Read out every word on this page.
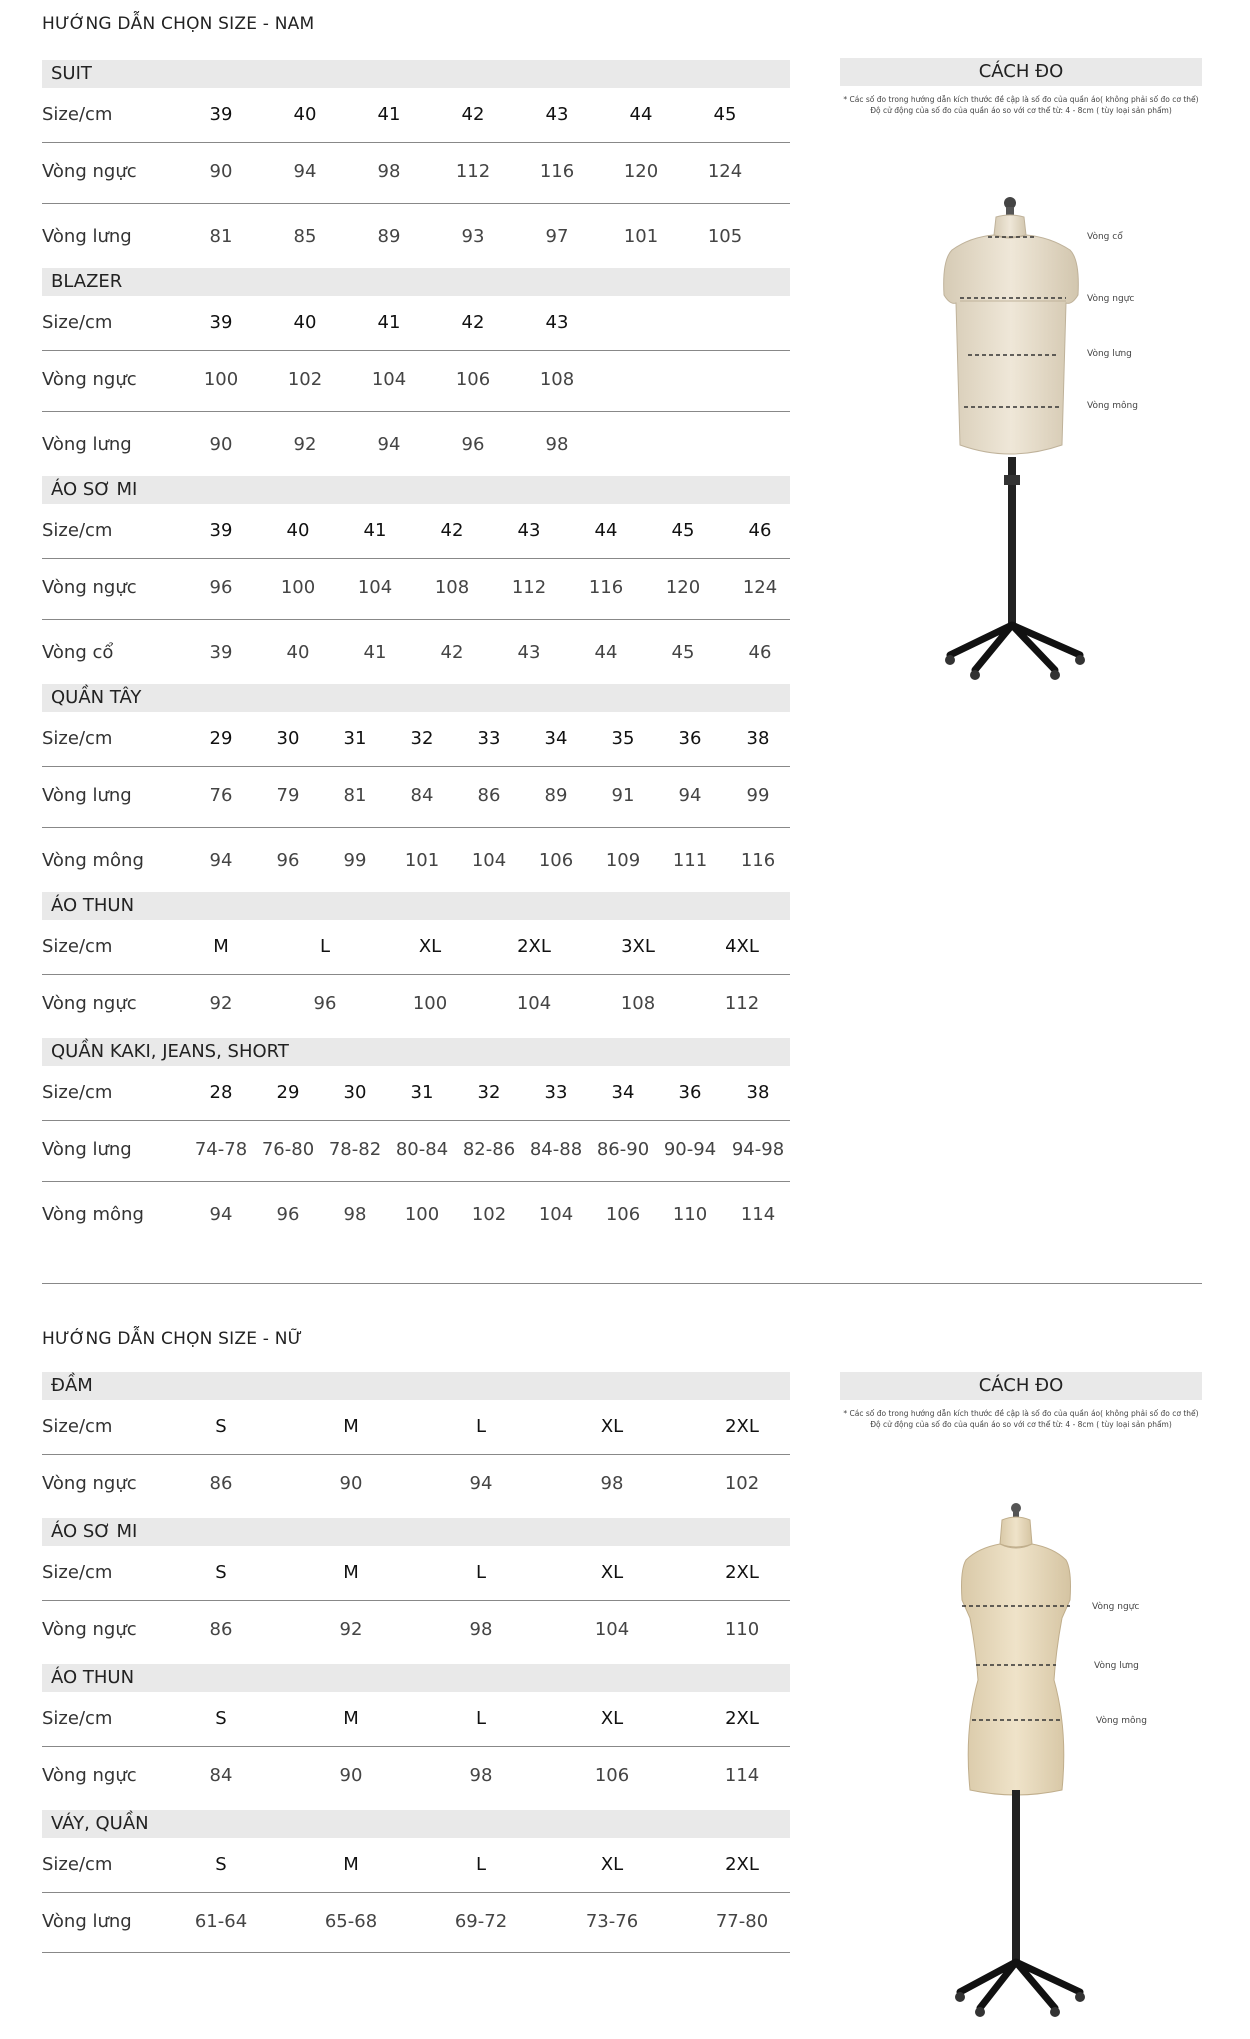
HƯỚNG DẪN CHỌN SIZE - NAM
HƯỚNG DẪN CHỌN SIZE - NỮ
SUIT
Size/cm	39	40	41	42	43	44	45
Vòng ngực	90	94	98	112	116	120	124
Vòng lưng	81	85	89	93	97	101	105
BLAZER
Size/cm	39	40	41	42	43
Vòng ngực	100	102	104	106	108
Vòng lưng	90	92	94	96	98
ÁO SƠ MI
Size/cm	39	40	41	42	43	44	45	46
Vòng ngực	96	100 104 108 112 116 120 124
Vòng cổ	39	40	41	42	43	44	45	46
QUẦN TÂY
Size/cm	29 30 31 32 33 34 35 36	38
Vòng lưng	76 79 81 84 86 89 91 94	99
Vòng mông	94 96 99 101 104 106 109 111 116
ÁO THUN
Size/cm	M	L	XL	2XL	3XL	4XL
Vòng ngực	92	96	100	104	108	112
QUẦN KAKI, JEANS, SHORT
Size/cm	28 29 30 31 32 33 34 36	38
Vòng lưng	74-78 76-80 78-82 80-84 82-86 84-88 86-90 90-94 94-98
Vòng mông	94 96 98 100 102 104 106 110 114
ĐẦM
Size/cm	S	M	L	XL	2XL
Vòng ngực	86	90	94	98	102
ÁO SƠ MI
Size/cm	S	M	L	XL	2XL
Vòng ngực	86	92	98	104	110
ÁO THUN
Size/cm	S	M	L	XL	2XL
Vòng ngực	84	90	98	106	114
VÁY, QUẦN
Size/cm	S	M	L	XL	2XL
Vòng lưng	61-64	65-68	69-72	73-76	77-80
CÁCH ĐO
* Các số đo trong hướng dẫn kích thước đề cập là số đo của quần áo( không phải số đo cơ thể)
Độ cử động của số đo của quần áo so với cơ thể từ: 4 - 8cm ( tùy loại sản phẩm)
Vòng cổ
Vòng ngực
Vòng lưng
Vòng mông
CÁCH ĐO
* Các số đo trong hướng dẫn kích thước đề cập là số đo của quần áo( không phải số đo cơ thể)
Độ cử động của số đo của quần áo so với cơ thể từ: 4 - 8cm ( tùy loại sản phẩm)
Vòng ngực
Vòng lưng
Vòng mông
